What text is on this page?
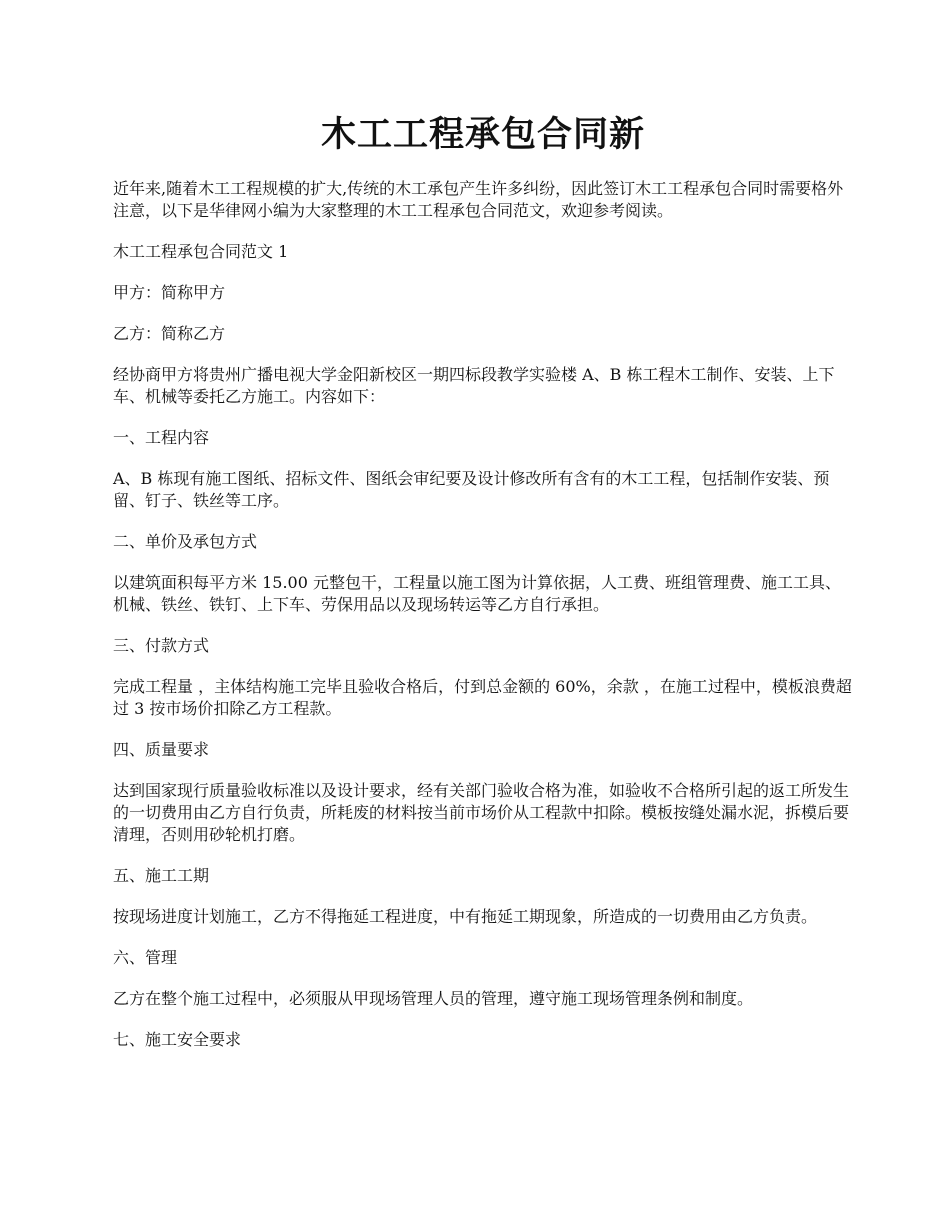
木工工程承包合同新

近年来,随着木工工程规模的扩大,传统的木工承包产生许多纠纷，因此签订木工工程承包合同时需要格外注意，以下是华律网小编为大家整理的木工工程承包合同范文，欢迎参考阅读。

木工工程承包合同范文 1

甲方：简称甲方

乙方：简称乙方

经协商甲方将贵州广播电视大学金阳新校区一期四标段教学实验楼 A、B 栋工程木工制作、安装、上下车、机械等委托乙方施工。内容如下：

一、工程内容

A、B 栋现有施工图纸、招标文件、图纸会审纪要及设计修改所有含有的木工工程，包括制作安装、预留、钉子、铁丝等工序。

二、单价及承包方式

以建筑面积每平方米 15.00 元整包干，工程量以施工图为计算依据，人工费、班组管理费、施工工具、机械、铁丝、铁钉、上下车、劳保用品以及现场转运等乙方自行承担。

三、付款方式

完成工程量 ，主体结构施工完毕且验收合格后，付到总金额的 60%，余款 ，在施工过程中，模板浪费超过 3 按市场价扣除乙方工程款。

四、质量要求

达到国家现行质量验收标准以及设计要求，经有关部门验收合格为准，如验收不合格所引起的返工所发生的一切费用由乙方自行负责，所耗废的材料按当前市场价从工程款中扣除。模板按缝处漏水泥，拆模后要清理，否则用砂轮机打磨。

五、施工工期

按现场进度计划施工，乙方不得拖延工程进度，中有拖延工期现象，所造成的一切费用由乙方负责。

六、管理

乙方在整个施工过程中，必须服从甲现场管理人员的管理，遵守施工现场管理条例和制度。

七、施工安全要求
